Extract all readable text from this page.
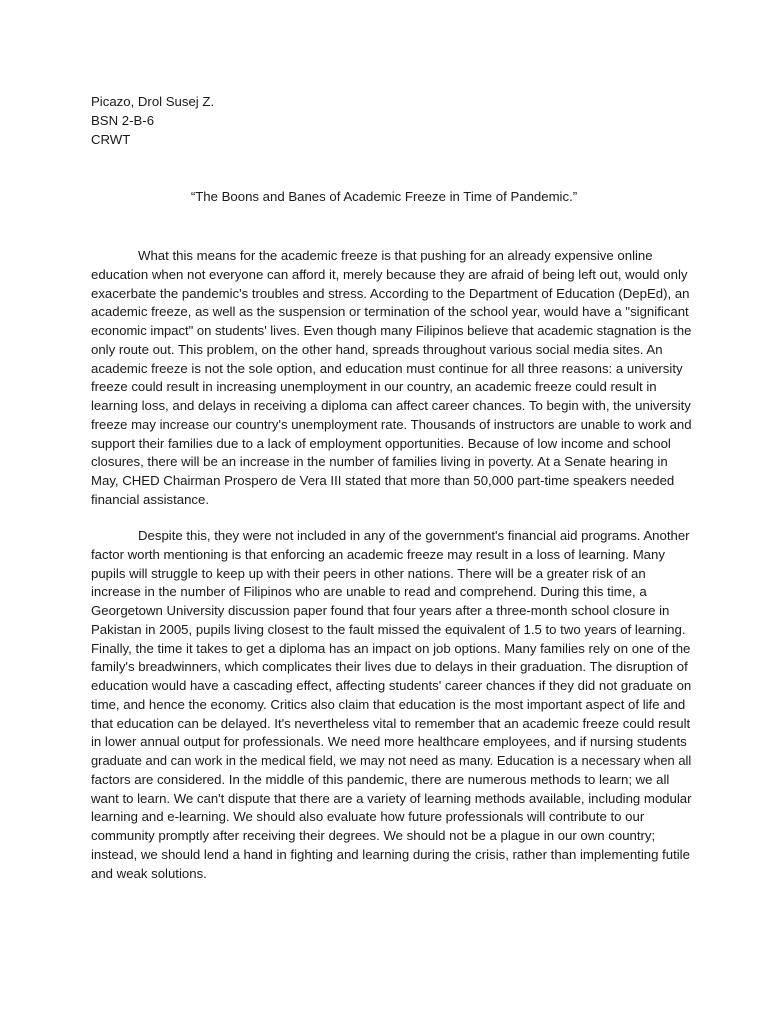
Picazo, Drol Susej Z.
BSN 2-B-6
CRWT
“The Boons and Banes of Academic Freeze in Time of Pandemic.”
What this means for the academic freeze is that pushing for an already expensive online
education when not everyone can afford it, merely because they are afraid of being left out, would only
exacerbate the pandemic's troubles and stress. According to the Department of Education (DepEd), an
academic freeze, as well as the suspension or termination of the school year, would have a "significant
economic impact" on students' lives. Even though many Filipinos believe that academic stagnation is the
only route out. This problem, on the other hand, spreads throughout various social media sites. An
academic freeze is not the sole option, and education must continue for all three reasons: a university
freeze could result in increasing unemployment in our country, an academic freeze could result in
learning loss, and delays in receiving a diploma can affect career chances. To begin with, the university
freeze may increase our country's unemployment rate. Thousands of instructors are unable to work and
support their families due to a lack of employment opportunities. Because of low income and school
closures, there will be an increase in the number of families living in poverty. At a Senate hearing in
May, CHED Chairman Prospero de Vera III stated that more than 50,000 part-time speakers needed
financial assistance.
Despite this, they were not included in any of the government's financial aid programs. Another
factor worth mentioning is that enforcing an academic freeze may result in a loss of learning. Many
pupils will struggle to keep up with their peers in other nations. There will be a greater risk of an
increase in the number of Filipinos who are unable to read and comprehend. During this time, a
Georgetown University discussion paper found that four years after a three-month school closure in
Pakistan in 2005, pupils living closest to the fault missed the equivalent of 1.5 to two years of learning.
Finally, the time it takes to get a diploma has an impact on job options. Many families rely on one of the
family's breadwinners, which complicates their lives due to delays in their graduation. The disruption of
education would have a cascading effect, affecting students' career chances if they did not graduate on
time, and hence the economy. Critics also claim that education is the most important aspect of life and
that education can be delayed. It's nevertheless vital to remember that an academic freeze could result
in lower annual output for professionals. We need more healthcare employees, and if nursing students
graduate and can work in the medical field, we may not need as many. Education is a necessary when all
factors are considered. In the middle of this pandemic, there are numerous methods to learn; we all
want to learn. We can't dispute that there are a variety of learning methods available, including modular
learning and e-learning. We should also evaluate how future professionals will contribute to our
community promptly after receiving their degrees. We should not be a plague in our own country;
instead, we should lend a hand in fighting and learning during the crisis, rather than implementing futile
and weak solutions.
